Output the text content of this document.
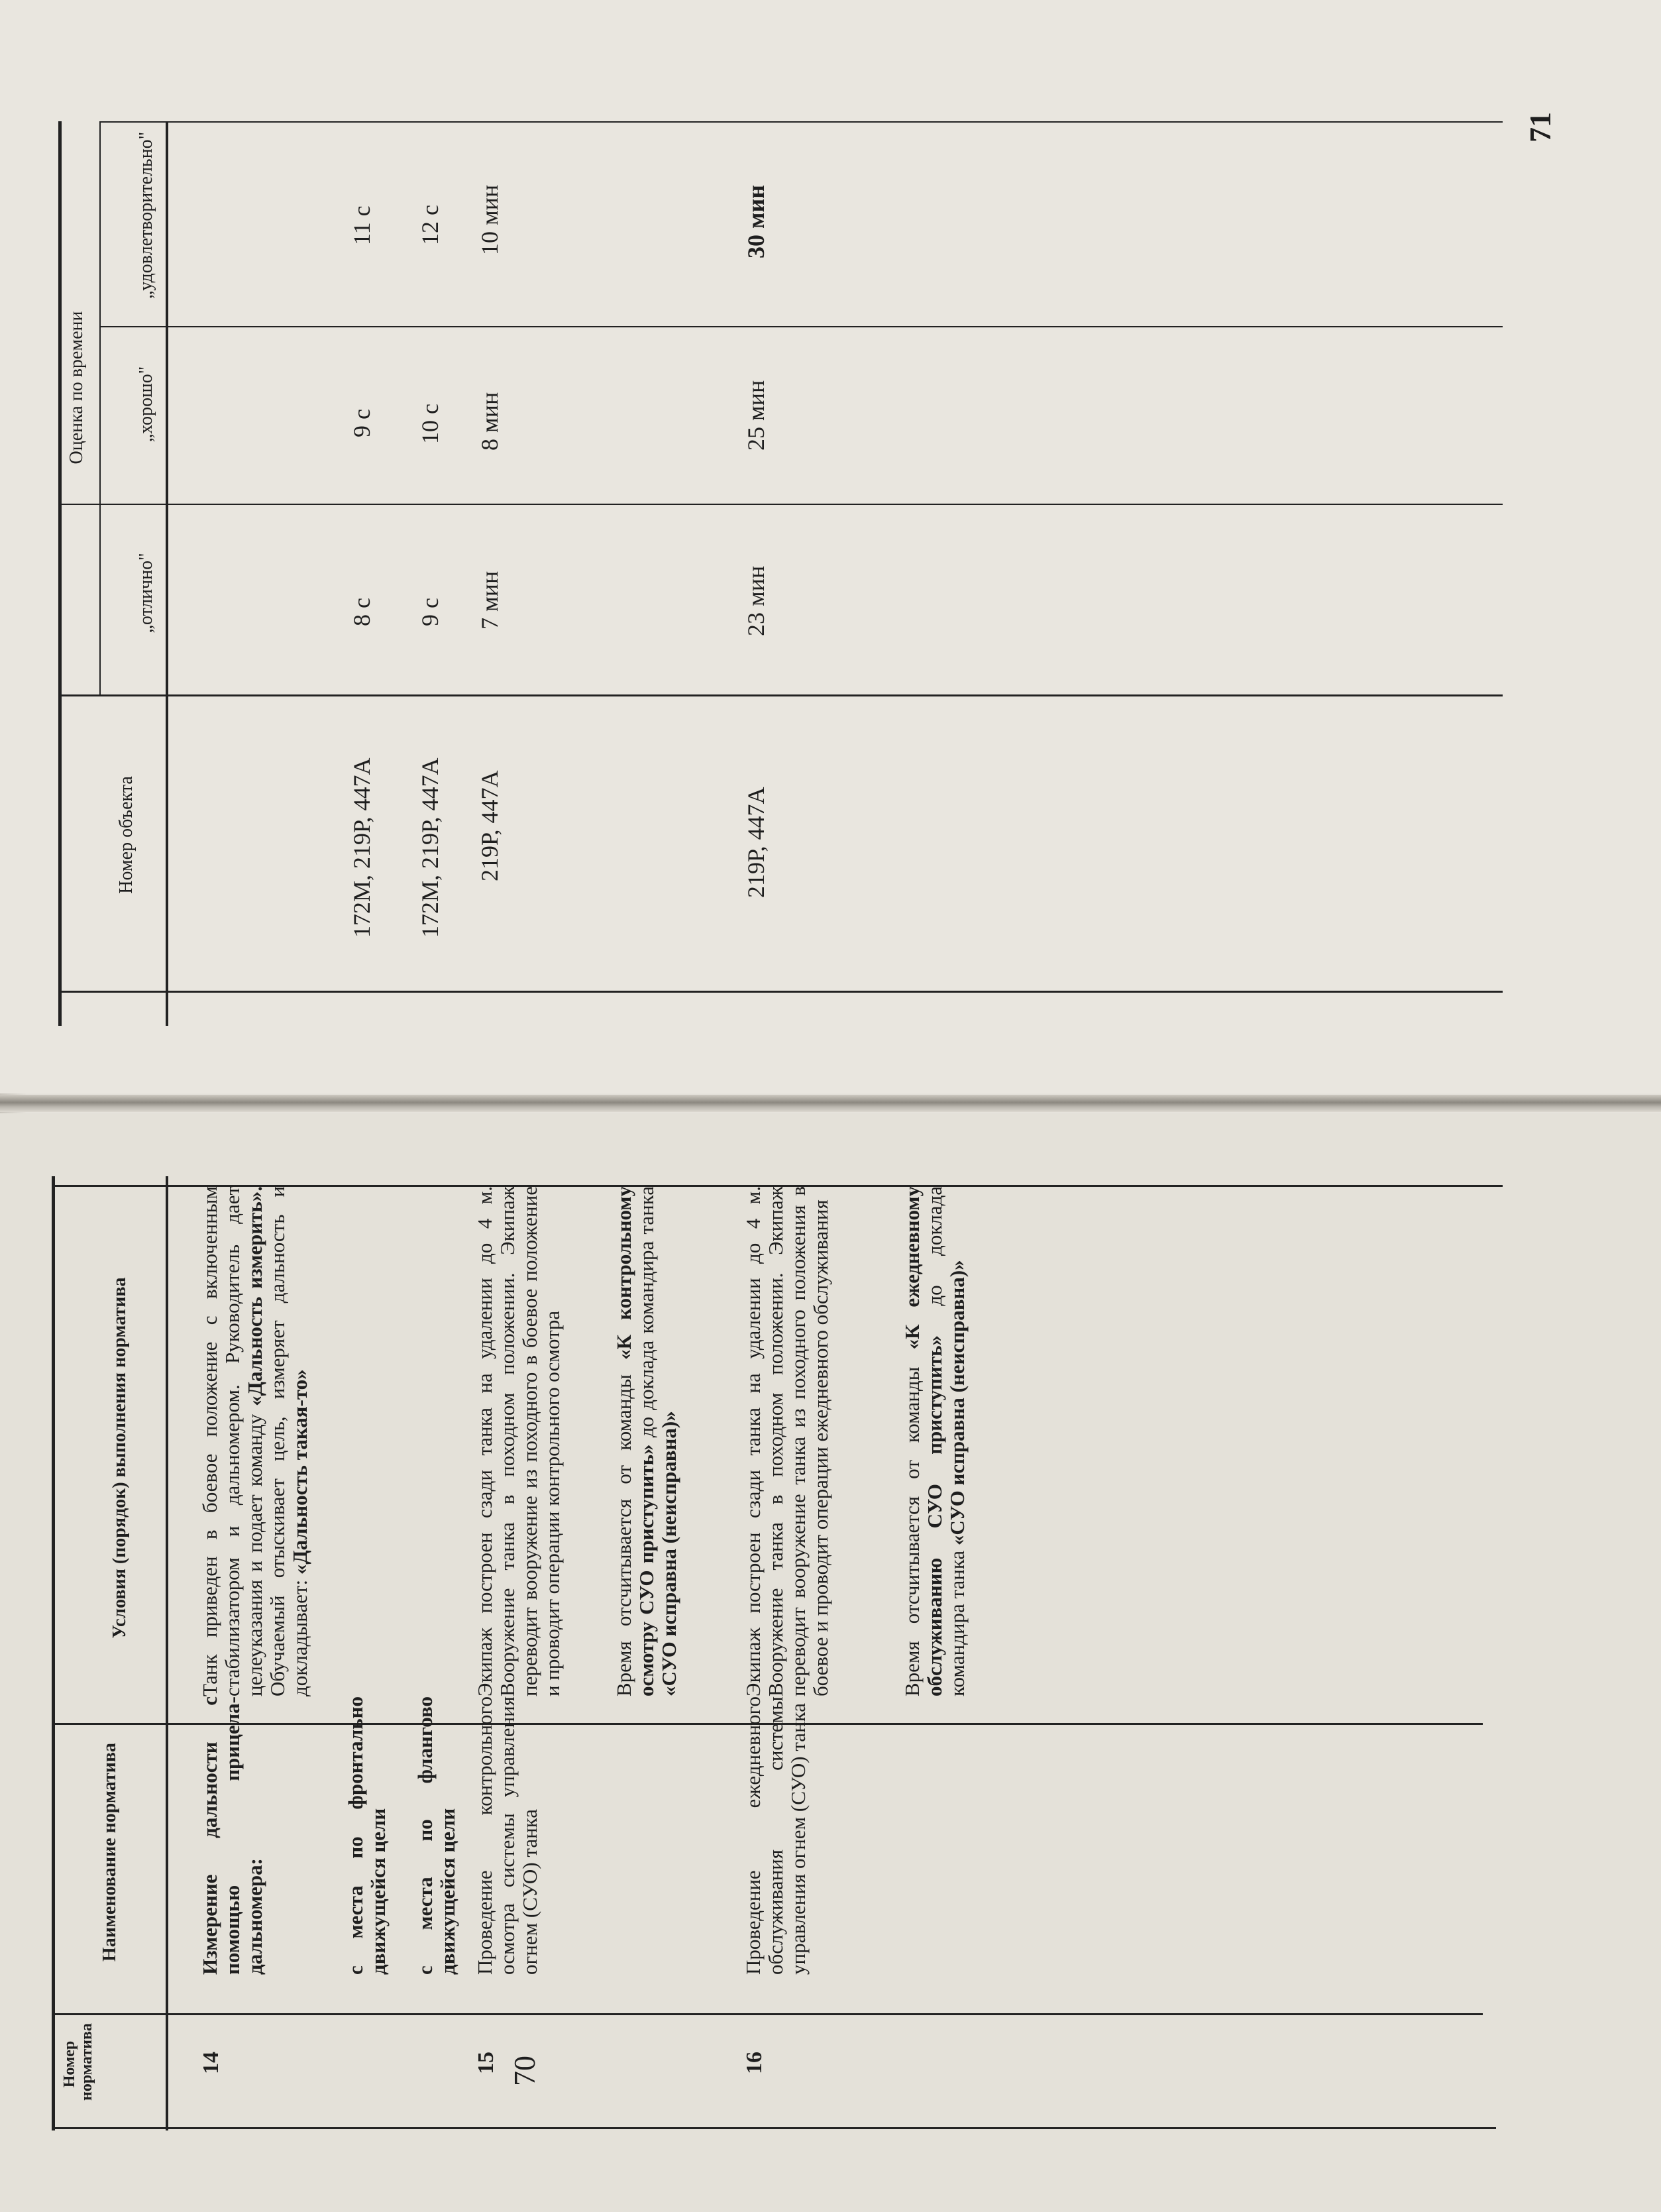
Номер объекта
Оценка по времени
„отлично"
„хорошо"
„удовлетворительно"
172М, 219Р, 447А
8 с
9 с
11 с
172М, 219Р, 447А
9 с
10 с
12 с
219Р, 447А
7 мин
8 мин
10 мин
219Р, 447А
23 мин
25 мин
30 мин
71
Номер норматива
Наименование норматива
Условия (порядок) выполнения норматива
14
Измерение дальности с помощью прицела-дальномера:	с места по фронтально движущейся цели с места по флангово движущейся цели
Танк приведен в боевое положение с включенным стабилизатором и дальномером. Руководитель дает целеуказания и подает команду «Дальность измерить». Обучаемый отыскивает цель, измеряет дальность и докладывает: «Дальность такая-то»
15
Проведение контрольного осмотра системы управления огнем (СУО) танка
Экипаж построен сзади танка на удалении до 4 м. Вооружение танка в походном положении. Экипаж переводит вооружение из походного в боевое положение и проводит операции контрольного осмотра Время отсчитывается от команды «К контрольному осмотру СУО приступить» до доклада командира танка «СУО исправна (неисправна)»
16
Проведение ежедневного обслуживания системы управления огнем (СУО) танка
Экипаж построен сзади танка на удалении до 4 м. Вооружение танка в походном положении. Экипаж переводит вооружение танка из походного положения в боевое и проводит операции ежедневного обслуживания	Время отсчитывается от команды «К ежедневному обслуживанию СУО приступить» до доклада командира танка «СУО исправна (неисправна)»
70
